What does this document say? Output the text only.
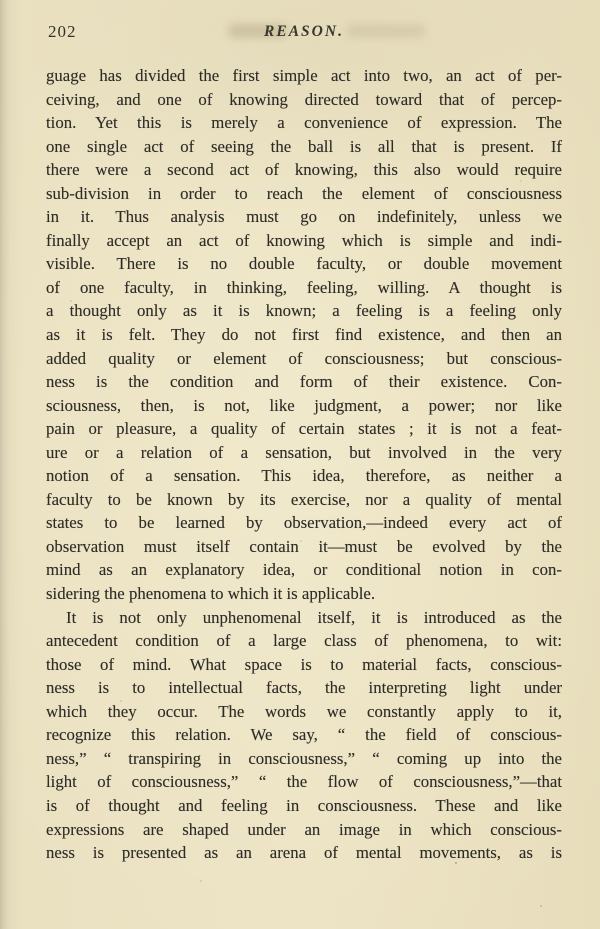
202	REASON.
guage has divided the first simple act into two, an act of per-
ceiving, and one of knowing directed toward that of percep-
tion. Yet this is merely a convenience of expression. The
one single act of seeing the ball is all that is present. If
there were a second act of knowing, this also would require
sub-division in order to reach the element of consciousness
in it. Thus analysis must go on indefinitely, unless we
finally accept an act of knowing which is simple and indi-
visible. There is no double faculty, or double movement
of one faculty, in thinking, feeling, willing. A thought is
a thought only as it is known; a feeling is a feeling only
as it is felt. They do not first find existence, and then an
added quality or element of consciousness; but conscious-
ness is the condition and form of their existence. Con-
sciousness, then, is not, like judgment, a power; nor like
pain or pleasure, a quality of certain states ; it is not a feat-
ure or a relation of a sensation, but involved in the very
notion of a sensation. This idea, therefore, as neither a
faculty to be known by its exercise, nor a quality of mental
states to be learned by observation,—indeed every act of
observation must itself contain it—must be evolved by the
mind as an explanatory idea, or conditional notion in con-
sidering the phenomena to which it is applicable.
It is not only unphenomenal itself, it is introduced as the
antecedent condition of a large class of phenomena, to wit:
those of mind. What space is to material facts, conscious-
ness is to intellectual facts, the interpreting light under
which they occur. The words we constantly apply to it,
recognize this relation. We say, “ the field of conscious-
ness,” “ transpiring in consciousness,” “ coming up into the
light of consciousness,” “ the flow of consciousness,”—that
is of thought and feeling in consciousness. These and like
expressions are shaped under an image in which conscious-
ness is presented as an arena of mental movements, as is
